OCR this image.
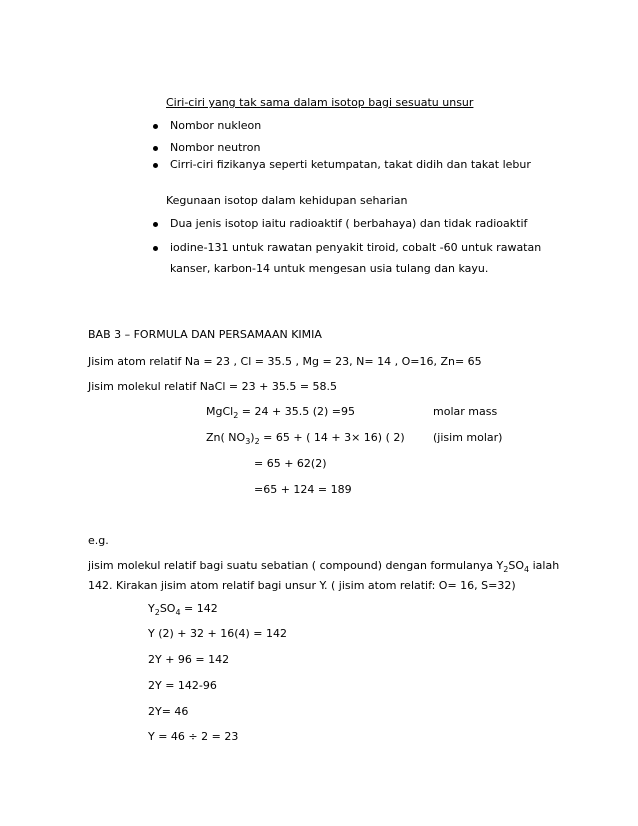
Ciri-ciri yang tak sama dalam isotop bagi sesuatu unsur
Nombor nukleon
Nombor neutron
Cirri-ciri fizikanya seperti ketumpatan, takat didih dan takat lebur
Kegunaan isotop dalam kehidupan seharian
Dua jenis isotop iaitu radioaktif ( berbahaya) dan tidak radioaktif
iodine-131 untuk rawatan penyakit tiroid, cobalt -60 untuk rawatan
kanser, karbon-14 untuk mengesan usia tulang dan kayu.
BAB 3 – FORMULA DAN PERSAMAAN KIMIA
Jisim atom relatif Na = 23 , Cl = 35.5 , Mg = 23, N= 14 , O=16, Zn= 65
Jisim molekul relatif NaCl = 23 + 35.5 = 58.5
MgCl$_2$ = 24 + 35.5 (2) =95	molar mass
Zn( $NO_3)_2 = 65$ + ( 14 + 3× 16) ( 2)	(jisim molar)
= 65 + 62(2)
=65 + 124 = 189
e.g.
jisim molekul relatif bagi suatu sebatian ( compound) dengan formulanya $Y_2SO_4$ ialah
142. Kirakan jisim atom relatif bagi unsur Y. ( jisim atom relatif: O= 16, S=32)
$Y_2SO_4 = 142$
Y (2) + 32 + 16(4) = 142
2Y + 96 = 142
2Y = 142-96
2Y= 46
Y = 46 ÷ 2 = 23
